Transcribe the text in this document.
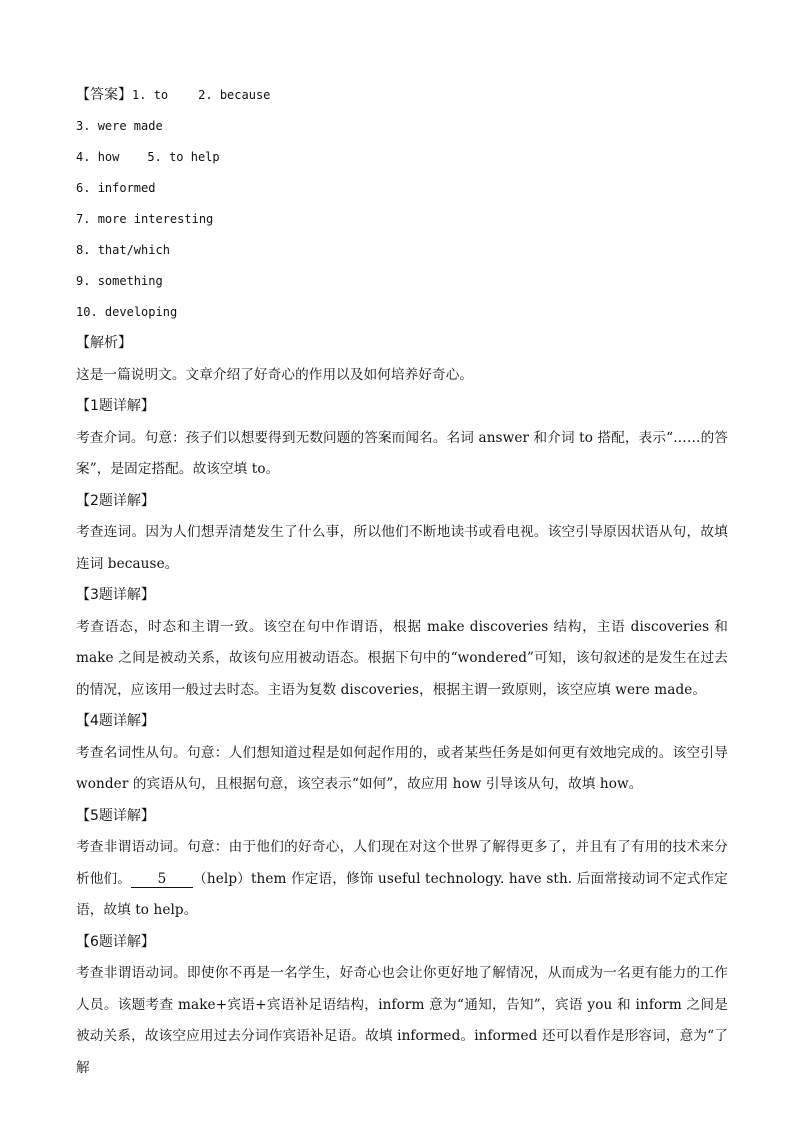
【答案】1. to	2. because
3. were made
4. how 5. to help
6. informed
7. more interesting
8. that/which
9. something
10. developing
【解析】
这是一篇说明文。文章介绍了好奇心的作用以及如何培养好奇心。
【1题详解】
考查介词。句意：孩子们以想要得到无数问题的答案而闻名。名词 answer 和介词 to 搭配，表示“……的答案”，是固定搭配。故该空填 to。
【2题详解】
考查连词。因为人们想弄清楚发生了什么事，所以他们不断地读书或看电视。该空引导原因状语从句，故填连词 because。
【3题详解】
考查语态，时态和主谓一致。该空在句中作谓语，根据 make discoveries 结构，主语 discoveries 和 make 之间是被动关系，故该句应用被动语态。根据下句中的“wondered”可知，该句叙述的是发生在过去的情况，应该用一般过去时态。主语为复数 discoveries，根据主谓一致原则，该空应填 were made。
【4题详解】
考查名词性从句。句意：人们想知道过程是如何起作用的，或者某些任务是如何更有效地完成的。该空引导 wonder 的宾语从句，且根据句意，该空表示“如何”，故应用 how 引导该从句，故填 how。
【5题详解】
考查非谓语动词。句意：由于他们的好奇心，人们现在对这个世界了解得更多了，并且有了有用的技术来分析他们。 5 （help）them 作定语，修饰 useful technology. have sth. 后面常接动词不定式作定语，故填 to help。
【6题详解】
考查非谓语动词。即使你不再是一名学生，好奇心也会让你更好地了解情况，从而成为一名更有能力的工作人员。该题考查 make+宾语+宾语补足语结构，inform 意为“通知，告知”，宾语 you 和 inform 之间是被动关系，故该空应用过去分词作宾语补足语。故填 informed。informed 还可以看作是形容词，意为“了解
